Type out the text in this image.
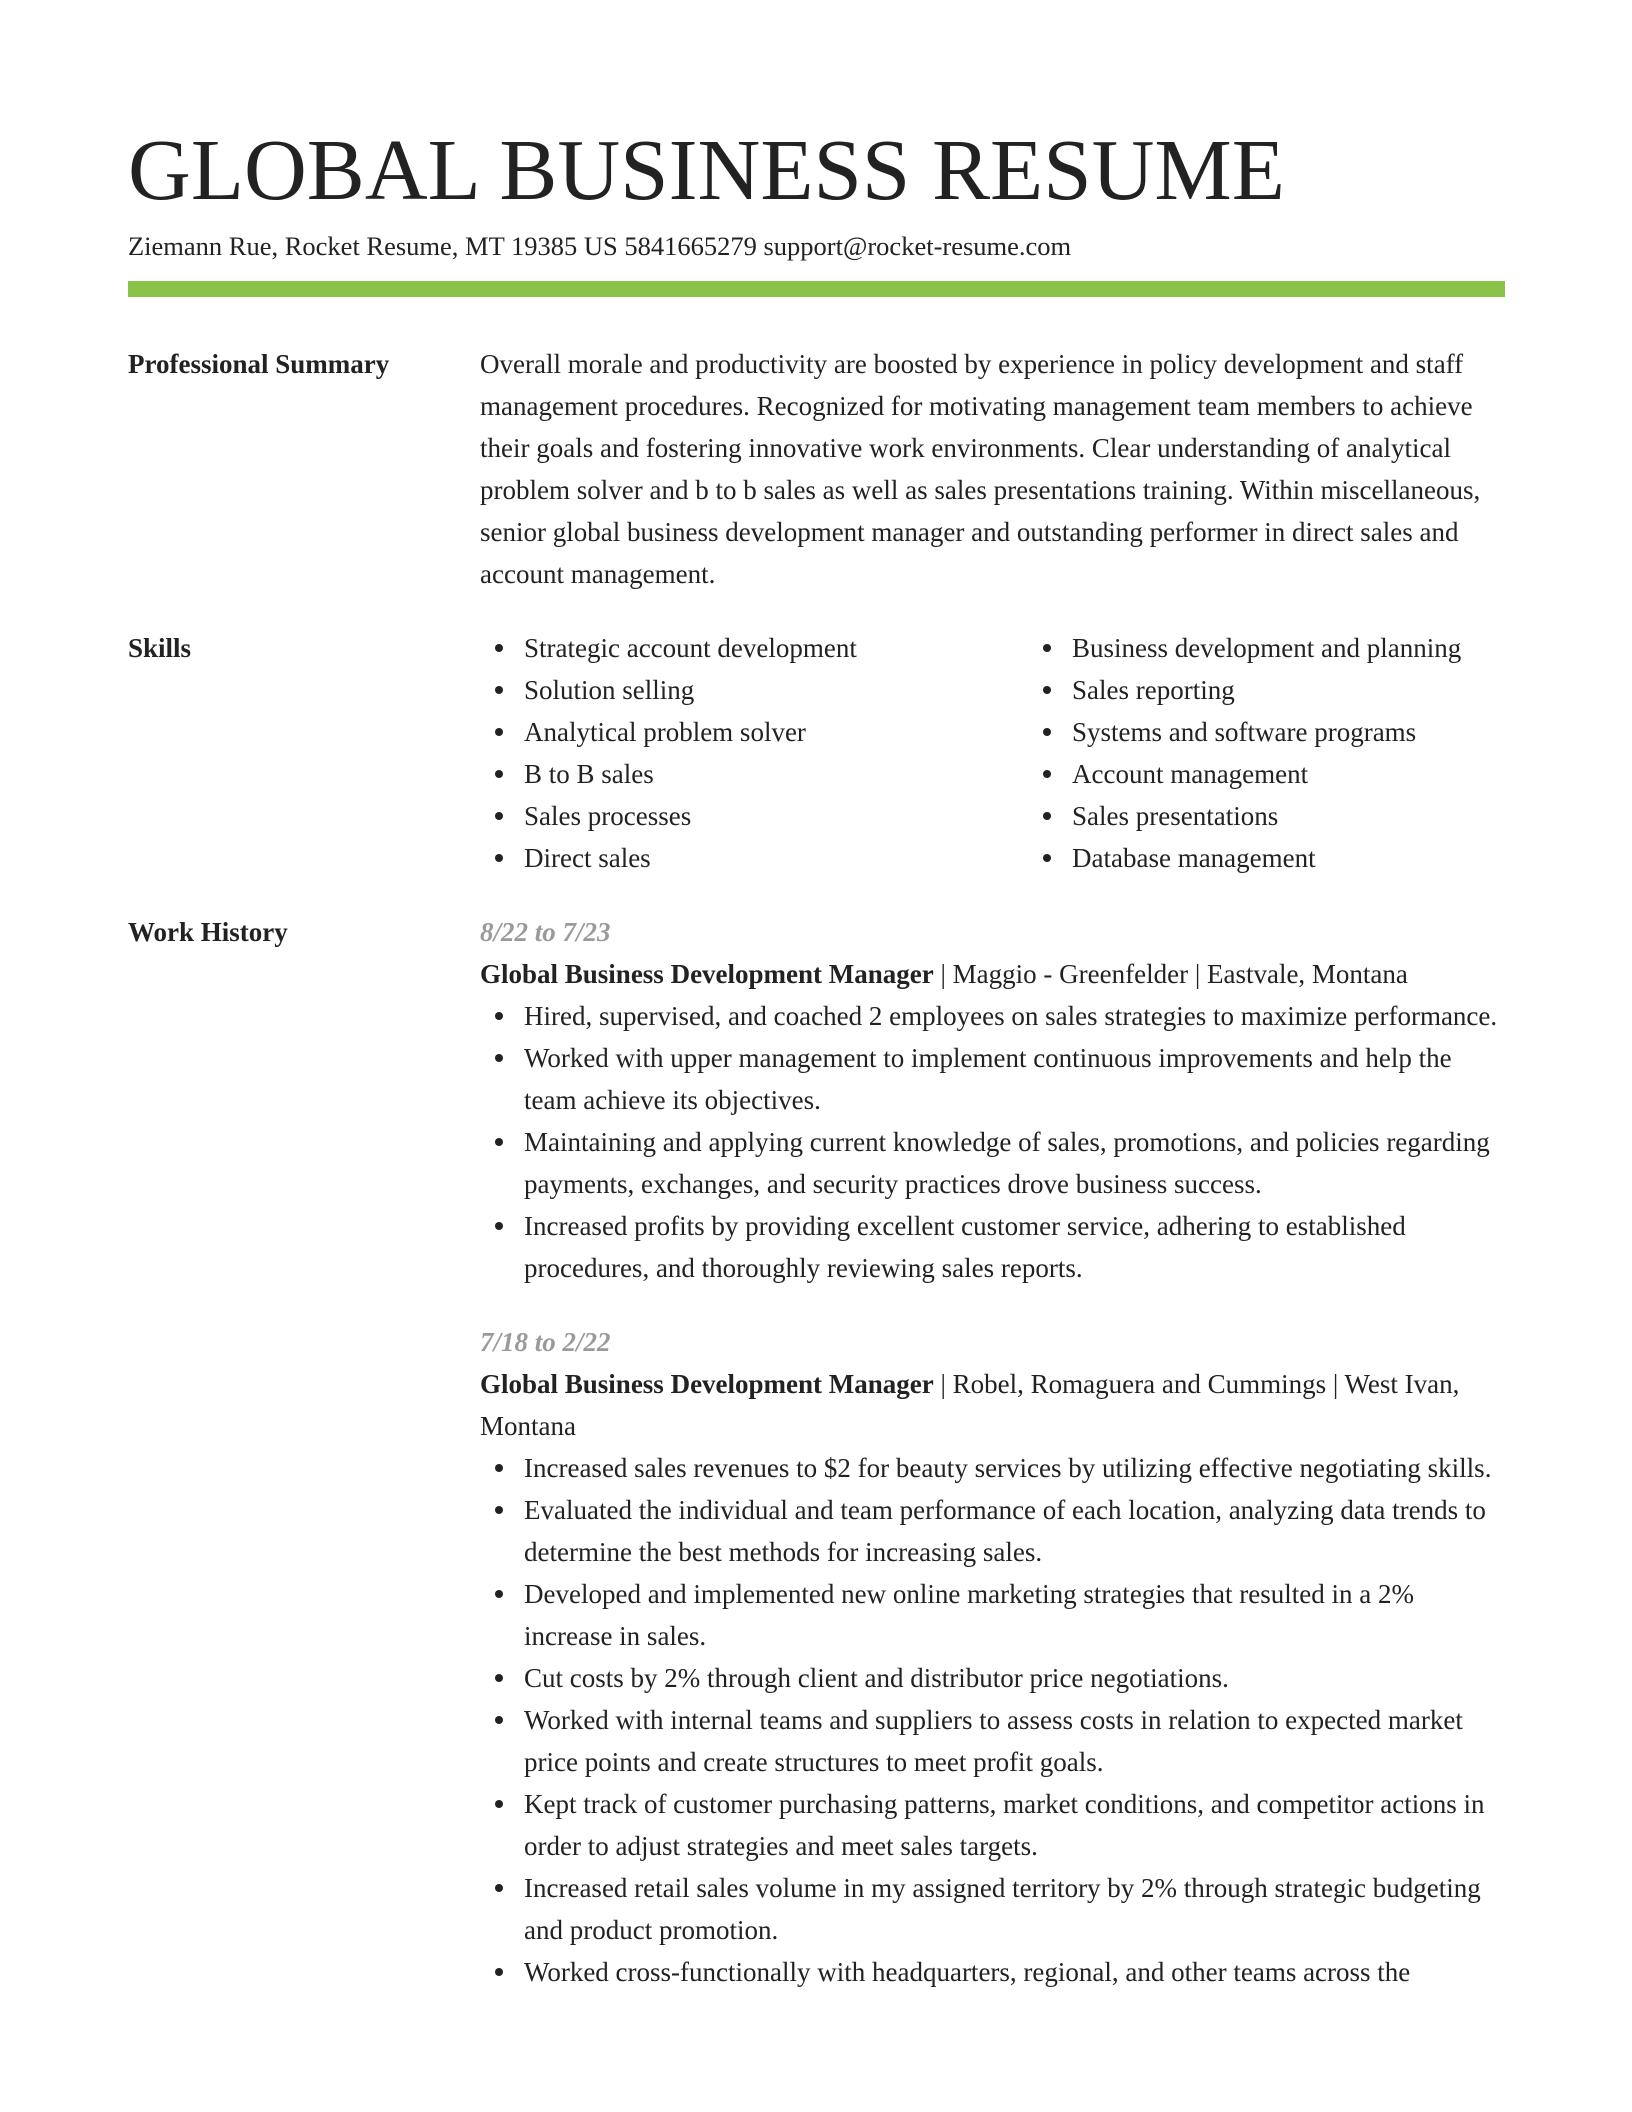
GLOBAL BUSINESS RESUME
Ziemann Rue, Rocket Resume, MT 19385 US 5841665279 support@rocket-resume.com
Professional Summary	Overall morale and productivity are boosted by experience in policy development and staff management procedures. Recognized for motivating management team members to achieve their goals and fostering innovative work environments. Clear understanding of analytical problem solver and b to b sales as well as sales presentations training. Within miscellaneous, senior global business development manager and outstanding performer in direct sales and account management.

Skills	Strategic account development
Solution selling
Analytical problem solver
B to B sales
Sales processes
Direct sales
Business development and planning
Sales reporting
Systems and software programs
Account management
Sales presentations
Database management
Work History	8/22 to 7/23
Global Business Development Manager | Maggio - Greenfelder | Eastvale, Montana
Hired, supervised, and coached 2 employees on sales strategies to maximize performance.
Worked with upper management to implement continuous improvements and help the team achieve its objectives.
Maintaining and applying current knowledge of sales, promotions, and policies regarding payments, exchanges, and security practices drove business success.
Increased profits by providing excellent customer service, adhering to established procedures, and thoroughly reviewing sales reports.
7/18 to 2/22
Global Business Development Manager | Robel, Romaguera and Cummings | West Ivan, Montana
Increased sales revenues to $2 for beauty services by utilizing effective negotiating skills.
Evaluated the individual and team performance of each location, analyzing data trends to determine the best methods for increasing sales.
Developed and implemented new online marketing strategies that resulted in a 2% increase in sales.
Cut costs by 2% through client and distributor price negotiations.
Worked with internal teams and suppliers to assess costs in relation to expected market price points and create structures to meet profit goals.
Kept track of customer purchasing patterns, market conditions, and competitor actions in order to adjust strategies and meet sales targets.
Increased retail sales volume in my assigned territory by 2% through strategic budgeting and product promotion.
Worked cross-functionally with headquarters, regional, and other teams across the
